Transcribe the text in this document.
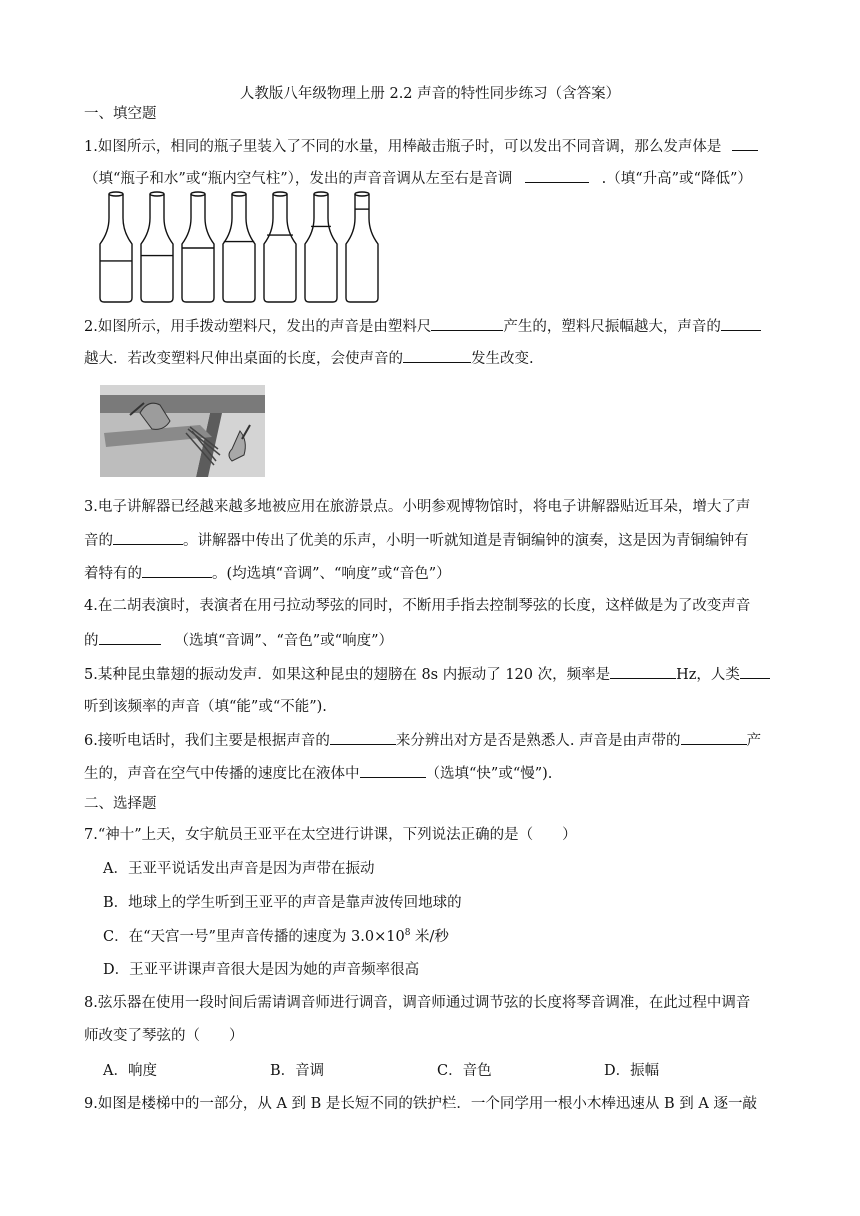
人教版八年级物理上册 2.2 声音的特性同步练习（含答案）
一、填空题
1.如图所示，相同的瓶子里装入了不同的水量，用棒敲击瓶子时，可以发出不同音调，那么发声体是
（填“瓶子和水”或“瓶内空气柱”），发出的声音音调从左至右是音调	.（填“升高”或“降低”）
2.如图所示，用手拨动塑料尺，发出的声音是由塑料尺	产生的，塑料尺振幅越大，声音的
越大．若改变塑料尺伸出桌面的长度，会使声音的	发生改变.
3.电子讲解器已经越来越多地被应用在旅游景点。小明参观博物馆时，将电子讲解器贴近耳朵，增大了声
音的	。讲解器中传出了优美的乐声，小明一听就知道是青铜编钟的演奏，这是因为青铜编钟有
着特有的	。(均选填“音调”、“响度”或“音色”）
4.在二胡表演时，表演者在用弓拉动琴弦的同时，不断用手指去控制琴弦的长度，这样做是为了改变声音
的	（选填“音调”、“音色”或“响度”）
5.某种昆虫靠翅的振动发声．如果这种昆虫的翅膀在 8s 内振动了 120 次，频率是	Hz，人类
听到该频率的声音（填“能”或“不能”).
6.接听电话时，我们主要是根据声音的	来分辨出对方是否是熟悉人. 声音是由声带的	产
生的，声音在空气中传播的速度比在液体中	（选填“快”或“慢”).
二、选择题
7.“神十”上天，女宇航员王亚平在太空进行讲课，下列说法正确的是（　　）
A．王亚平说话发出声音是因为声带在振动
B．地球上的学生听到王亚平的声音是靠声波传回地球的
C．在“天宫一号”里声音传播的速度为 $3.0\times 10^8$ 米/秒
D．王亚平讲课声音很大是因为她的声音频率很高
8.弦乐器在使用一段时间后需请调音师进行调音，调音师通过调节弦的长度将琴音调准，在此过程中调音
师改变了琴弦的（　　）
A．响度	B．音调	C．音色	D．振幅
9.如图是楼梯中的一部分，从 A 到 B 是长短不同的铁护栏．一个同学用一根小木棒迅速从 B 到 A 逐一敲
